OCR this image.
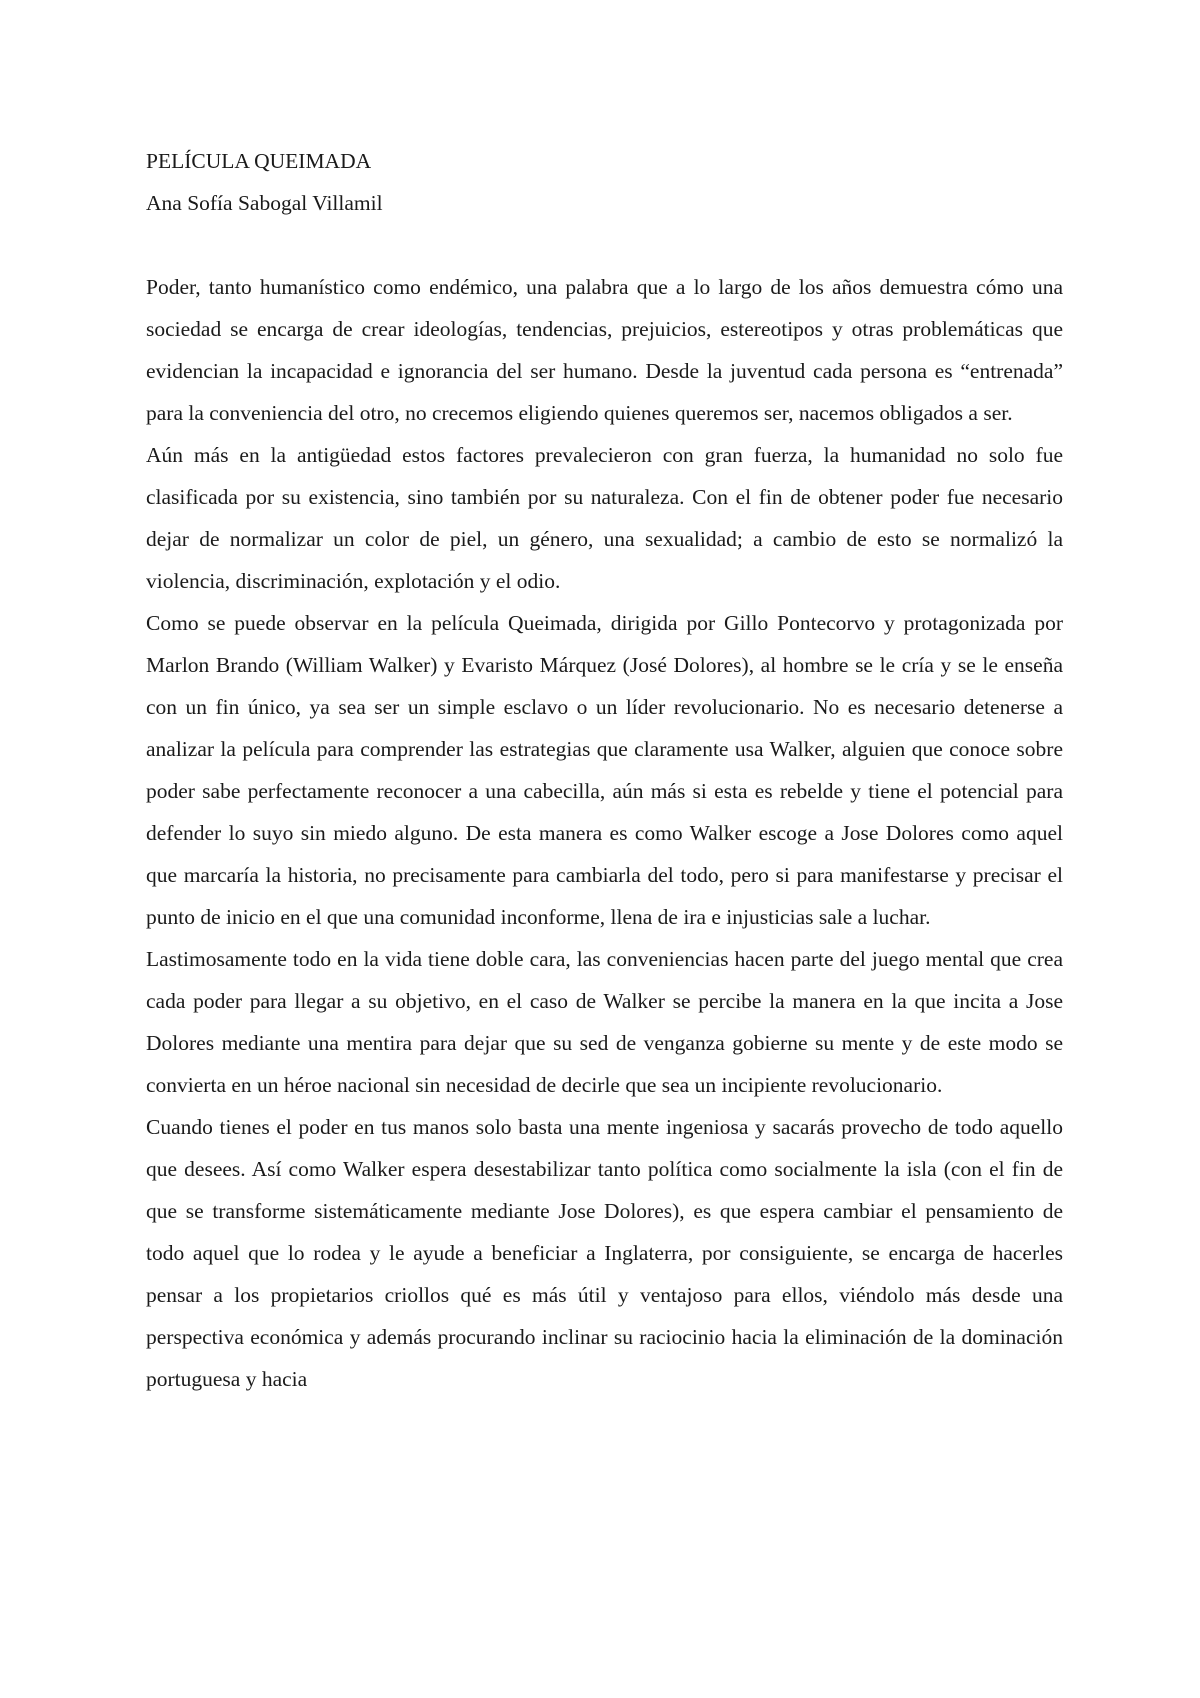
PELÍCULA QUEIMADA
Ana Sofía Sabogal Villamil

Poder, tanto humanístico como endémico, una palabra que a lo largo de los años demuestra cómo una sociedad se encarga de crear ideologías, tendencias, prejuicios, estereotipos y otras problemáticas que evidencian la incapacidad e ignorancia del ser humano. Desde la juventud cada persona es “entrenada” para la conveniencia del otro, no crecemos eligiendo quienes queremos ser, nacemos obligados a ser.

Aún más en la antigüedad estos factores prevalecieron con gran fuerza, la humanidad no solo fue clasificada por su existencia, sino también por su naturaleza. Con el fin de obtener poder fue necesario dejar de normalizar un color de piel, un género, una sexualidad; a cambio de esto se normalizó la violencia, discriminación, explotación y el odio.

Como se puede observar en la película Queimada, dirigida por Gillo Pontecorvo y protagonizada por Marlon Brando (William Walker) y Evaristo Márquez (José Dolores), al hombre se le cría y se le enseña con un fin único, ya sea ser un simple esclavo o un líder revolucionario. No es necesario detenerse a analizar la película para comprender las estrategias que claramente usa Walker, alguien que conoce sobre poder sabe perfectamente reconocer a una cabecilla, aún más si esta es rebelde y tiene el potencial para defender lo suyo sin miedo alguno. De esta manera es como Walker escoge a Jose Dolores como aquel que marcaría la historia, no precisamente para cambiarla del todo, pero si para manifestarse y precisar el punto de inicio en el que una comunidad inconforme, llena de ira e injusticias sale a luchar.

Lastimosamente todo en la vida tiene doble cara, las conveniencias hacen parte del juego mental que crea cada poder para llegar a su objetivo, en el caso de Walker se percibe la manera en la que incita a Jose Dolores mediante una mentira para dejar que su sed de venganza gobierne su mente y de este modo se convierta en un héroe nacional sin necesidad de decirle que sea un incipiente revolucionario.

Cuando tienes el poder en tus manos solo basta una mente ingeniosa y sacarás provecho de todo aquello que desees. Así como Walker espera desestabilizar tanto política como socialmente la isla (con el fin de que se transforme sistemáticamente mediante Jose Dolores), es que espera cambiar el pensamiento de todo aquel que lo rodea y le ayude a beneficiar a Inglaterra, por consiguiente, se encarga de hacerles pensar a los propietarios criollos qué es más útil y ventajoso para ellos, viéndolo más desde una perspectiva económica y además procurando inclinar su raciocinio hacia la eliminación de la dominación portuguesa y hacia
